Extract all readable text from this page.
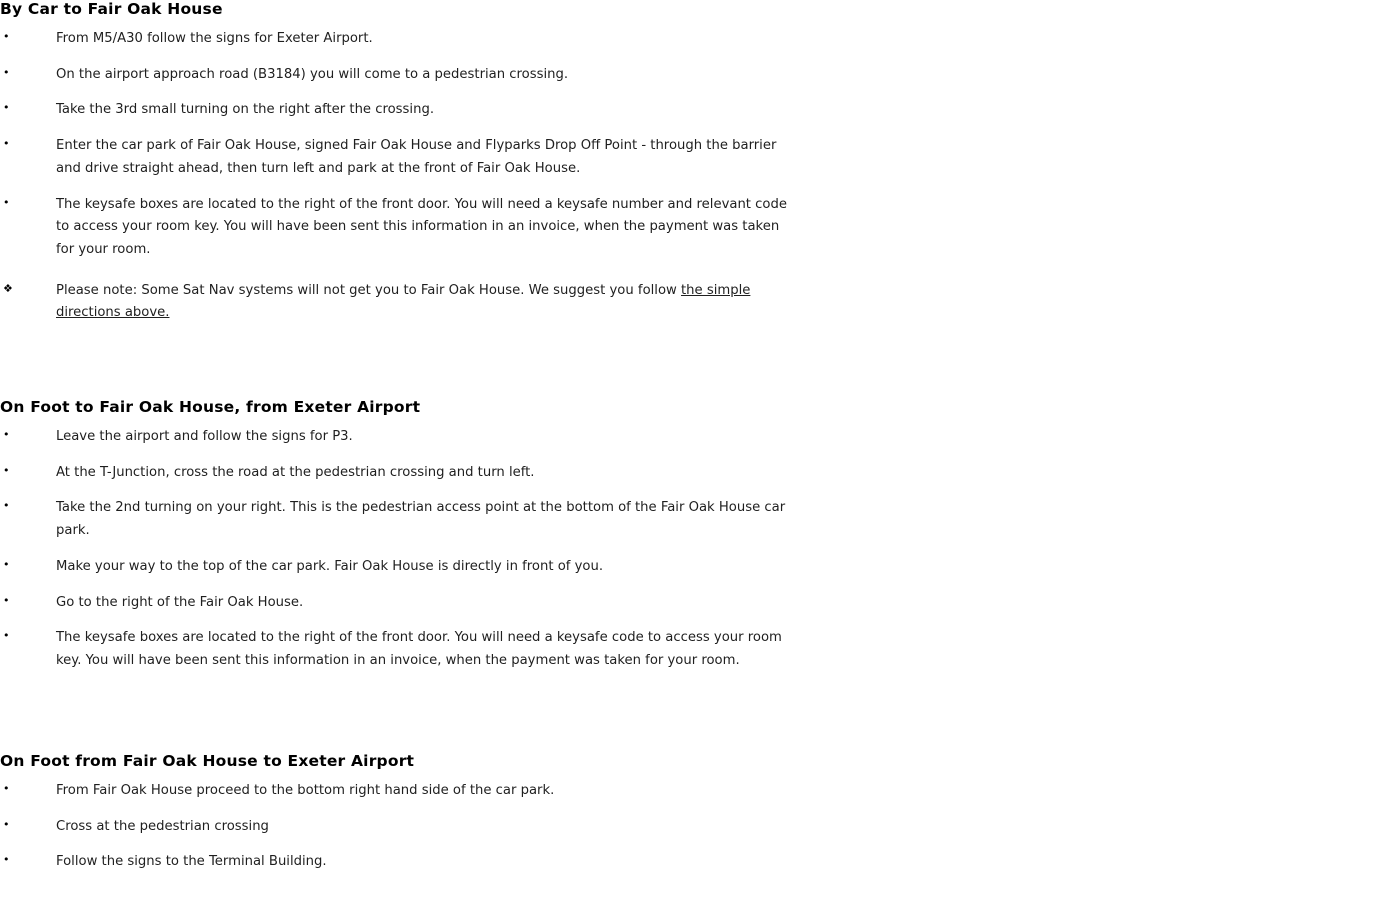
By Car to Fair Oak House
•	From M5/A30 follow the signs for Exeter Airport.
•	On the airport approach road (B3184) you will come to a pedestrian crossing.
•	Take the 3rd small turning on the right after the crossing.
•	Enter the car park of Fair Oak House, signed Fair Oak House and Flyparks Drop Off Point - through the barrier and drive straight ahead, then turn left and park at the front of Fair Oak House.
•	The keysafe boxes are located to the right of the front door. You will need a keysafe number and relevant code to access your room key. You will have been sent this information in an invoice, when the payment was taken for your room.
❖	Please note: Some Sat Nav systems will not get you to Fair Oak House. We suggest you follow the simple directions above.
On Foot to Fair Oak House, from Exeter Airport
•	Leave the airport and follow the signs for P3.
•	At the T-Junction, cross the road at the pedestrian crossing and turn left.
•	Take the 2nd turning on your right. This is the pedestrian access point at the bottom of the Fair Oak House car park.
•	Make your way to the top of the car park. Fair Oak House is directly in front of you.
•	Go to the right of the Fair Oak House.
•	The keysafe boxes are located to the right of the front door. You will need a keysafe code to access your room key. You will have been sent this information in an invoice, when the payment was taken for your room.
On Foot from Fair Oak House to Exeter Airport
•	From Fair Oak House proceed to the bottom right hand side of the car park.
•	Cross at the pedestrian crossing
•	Follow the signs to the Terminal Building.
